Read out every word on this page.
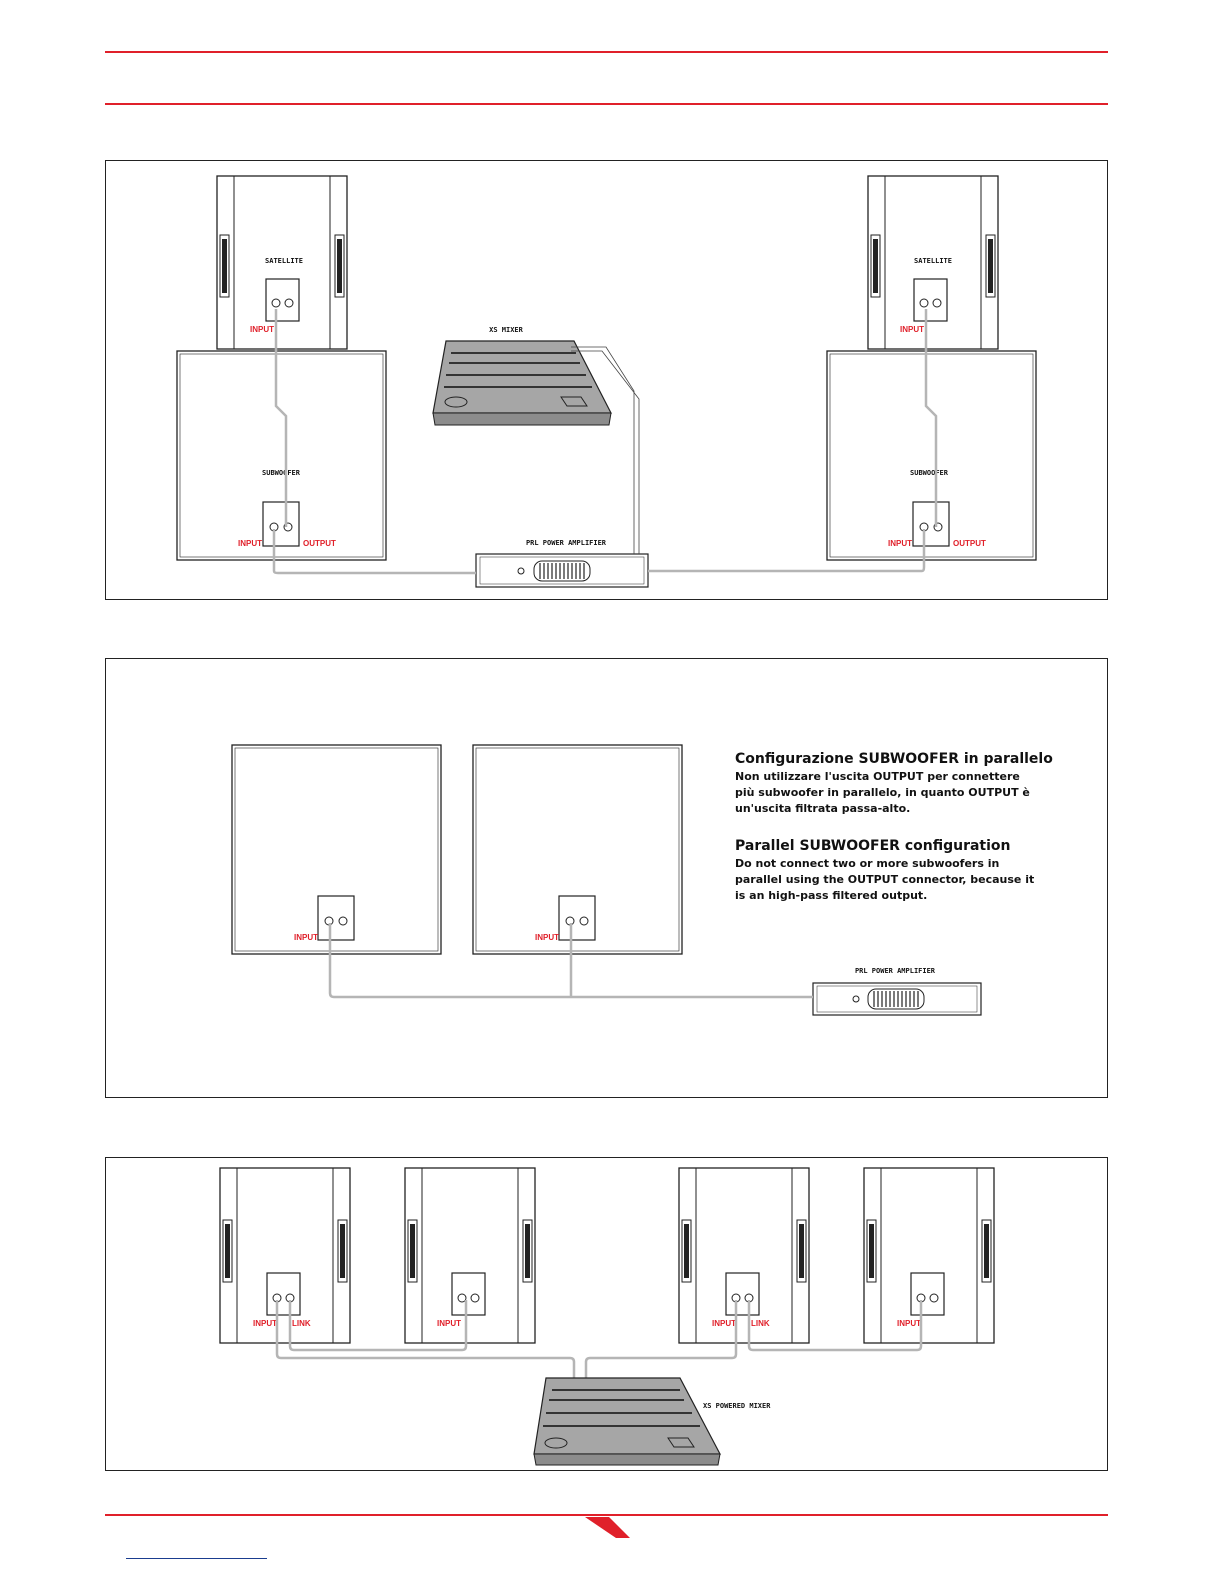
SATELLITE
INPUT
SUBWOOFER
INPUT	OUTPUT
SATELLITE
INPUT
SUBWOOFER
INPUT	OUTPUT
XS MIXER
PRL POWER AMPLIFIER
INPUT	INPUT
PRL POWER AMPLIFIER
Configurazione SUBWOOFER in parallelo

Non utilizzare l'uscita OUTPUT per connettere più subwoofer in parallelo, in quanto OUTPUT è un'uscita filtrata passa-alto.

Parallel SUBWOOFER configuration

Do not connect two or more subwoofers in parallel using the OUTPUT connector, because it is an high-pass filtered output.

INPUT LINK	INPUT	INPUT LINK	INPUT
XS POWERED MIXER
